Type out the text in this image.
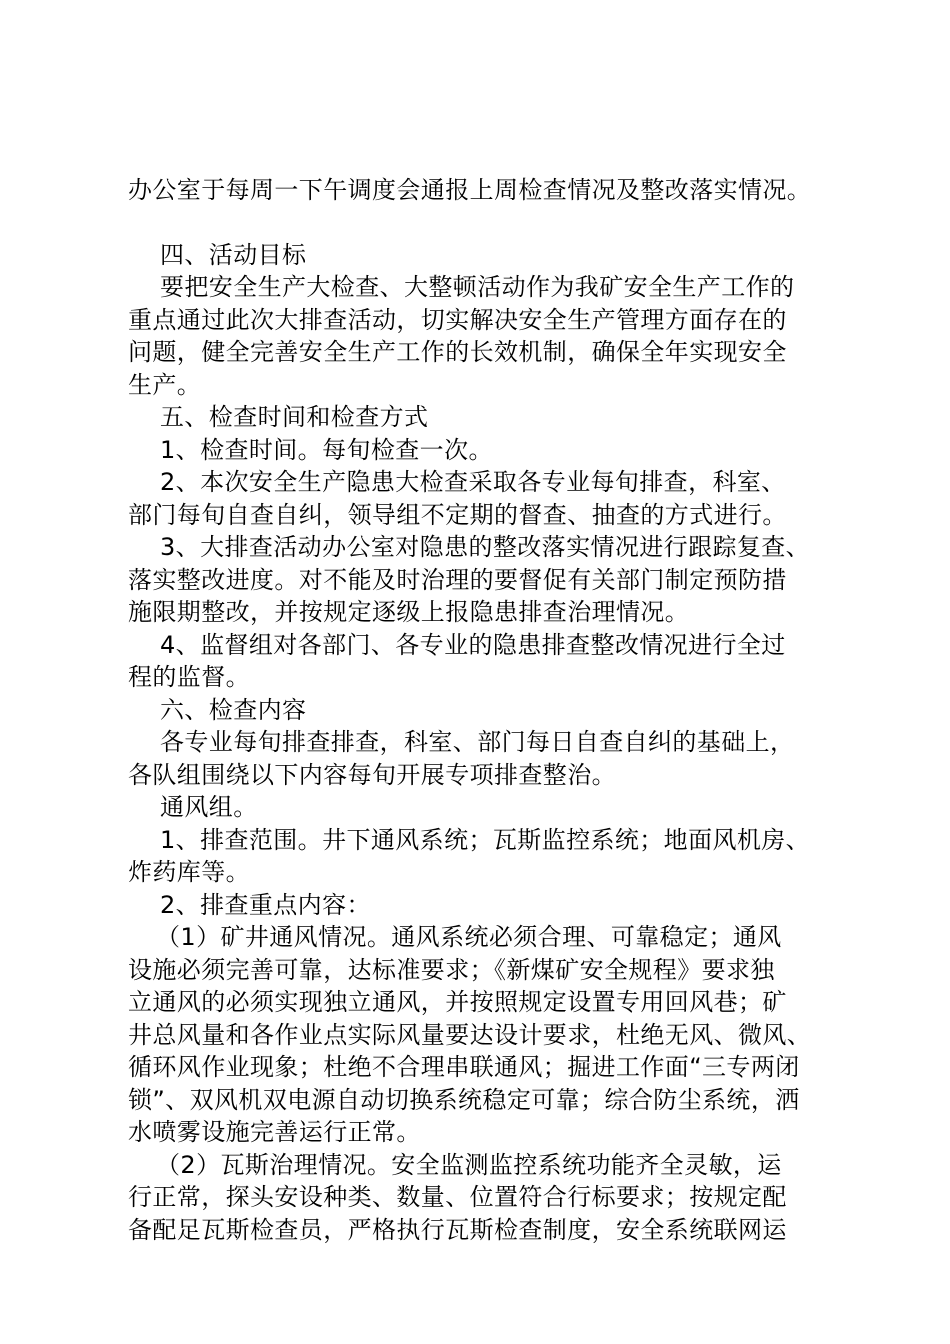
办公室于每周一下午调度会通报上周检查情况及整改落实情况。
四、活动目标
要把安全生产大检查、大整顿活动作为我矿安全生产工作的
重点通过此次大排查活动，切实解决安全生产管理方面存在的
问题，健全完善安全生产工作的长效机制，确保全年实现安全
生产。
五、检查时间和检查方式
1、检查时间。每旬检查一次。
2、本次安全生产隐患大检查采取各专业每旬排查，科室、
部门每旬自查自纠，领导组不定期的督查、抽查的方式进行。
3、大排查活动办公室对隐患的整改落实情况进行跟踪复查、
落实整改进度。对不能及时治理的要督促有关部门制定预防措
施限期整改，并按规定逐级上报隐患排查治理情况。
4、监督组对各部门、各专业的隐患排查整改情况进行全过
程的监督。
六、检查内容
各专业每旬排查排查，科室、部门每日自查自纠的基础上，
各队组围绕以下内容每旬开展专项排查整治。
通风组。
1、排查范围。井下通风系统；瓦斯监控系统；地面风机房、
炸药库等。
2、排查重点内容：
（1）矿井通风情况。通风系统必须合理、可靠稳定；通风
设施必须完善可靠，达标准要求；《新煤矿安全规程》要求独
立通风的必须实现独立通风，并按照规定设置专用回风巷；矿
井总风量和各作业点实际风量要达设计要求，杜绝无风、微风、
循环风作业现象；杜绝不合理串联通风；掘进工作面“三专两闭
锁”、双风机双电源自动切换系统稳定可靠；综合防尘系统，洒
水喷雾设施完善运行正常。
（2）瓦斯治理情况。安全监测监控系统功能齐全灵敏，运
行正常，探头安设种类、数量、位置符合行标要求；按规定配
备配足瓦斯检查员，严格执行瓦斯检查制度，安全系统联网运
